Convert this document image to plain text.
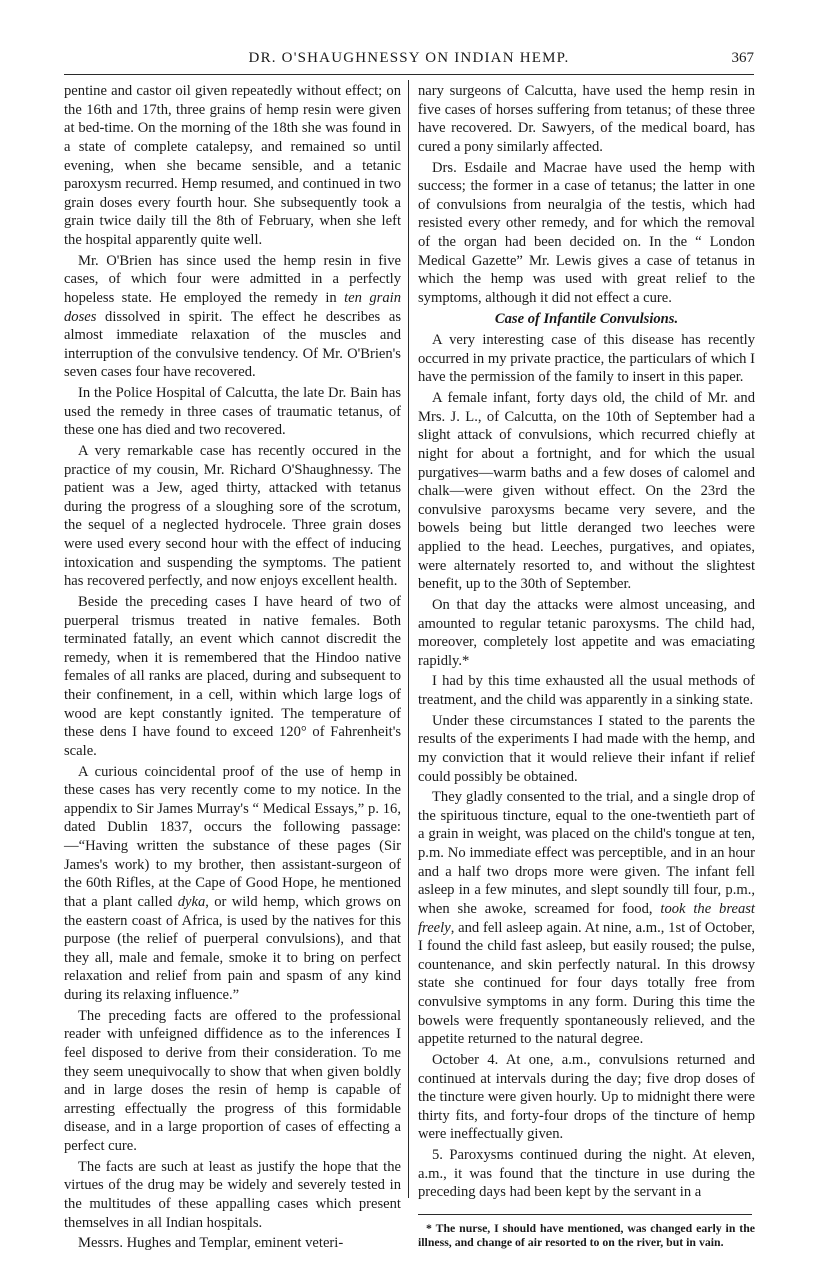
DR. O'SHAUGHNESSY ON INDIAN HEMP.	367

pentine and castor oil given repeatedly without effect; on the 16th and 17th, three grains of hemp resin were given at bed-time. On the morning of the 18th she was found in a state of complete catalepsy, and remained so until evening, when she became sensible, and a tetanic paroxysm recurred. Hemp resumed, and continued in two grain doses every fourth hour. She subsequently took a grain twice daily till the 8th of February, when she left the hospital apparently quite well.

Mr. O'Brien has since used the hemp resin in five cases, of which four were admitted in a perfectly hopeless state. He employed the remedy in ten grain doses dissolved in spirit. The effect he describes as almost immediate relaxation of the muscles and interruption of the convulsive tendency. Of Mr. O'Brien's seven cases four have recovered.

In the Police Hospital of Calcutta, the late Dr. Bain has used the remedy in three cases of traumatic tetanus, of these one has died and two recovered.

A very remarkable case has recently occured in the practice of my cousin, Mr. Richard O'Shaughnessy. The patient was a Jew, aged thirty, attacked with tetanus during the progress of a sloughing sore of the scrotum, the sequel of a neglected hydrocele. Three grain doses were used every second hour with the effect of inducing intoxication and suspending the symptoms. The patient has recovered perfectly, and now enjoys excellent health.

Beside the preceding cases I have heard of two of puerperal trismus treated in native females. Both terminated fatally, an event which cannot discredit the remedy, when it is remembered that the Hindoo native females of all ranks are placed, during and subsequent to their confinement, in a cell, within which large logs of wood are kept constantly ignited. The temperature of these dens I have found to exceed 120° of Fahrenheit's scale.

A curious coincidental proof of the use of hemp in these cases has very recently come to my notice. In the appendix to Sir James Murray's “ Medical Essays,” p. 16, dated Dublin 1837, occurs the following passage:—“Having written the substance of these pages (Sir James's work) to my brother, then assistant-surgeon of the 60th Rifles, at the Cape of Good Hope, he mentioned that a plant called dyka, or wild hemp, which grows on the eastern coast of Africa, is used by the natives for this purpose (the relief of puerperal convulsions), and that they all, male and female, smoke it to bring on perfect relaxation and relief from pain and spasm of any kind during its relaxing influence.”

The preceding facts are offered to the professional reader with unfeigned diffidence as to the inferences I feel disposed to derive from their consideration. To me they seem unequivocally to show that when given boldly and in large doses the resin of hemp is capable of arresting effectually the progress of this formidable disease, and in a large proportion of cases of effecting a perfect cure.

The facts are such at least as justify the hope that the virtues of the drug may be widely and severely tested in the multitudes of these appalling cases which present themselves in all Indian hospitals.

Messrs. Hughes and Templar, eminent veteri-

nary surgeons of Calcutta, have used the hemp resin in five cases of horses suffering from tetanus; of these three have recovered. Dr. Sawyers, of the medical board, has cured a pony similarly affected.

Drs. Esdaile and Macrae have used the hemp with success; the former in a case of tetanus; the latter in one of convulsions from neuralgia of the testis, which had resisted every other remedy, and for which the removal of the organ had been decided on. In the “ London Medical Gazette” Mr. Lewis gives a case of tetanus in which the hemp was used with great relief to the symptoms, although it did not effect a cure.

Case of Infantile Convulsions.

A very interesting case of this disease has recently occurred in my private practice, the particulars of which I have the permission of the family to insert in this paper.

A female infant, forty days old, the child of Mr. and Mrs. J. L., of Calcutta, on the 10th of September had a slight attack of convulsions, which recurred chiefly at night for about a fortnight, and for which the usual purgatives—warm baths and a few doses of calomel and chalk—were given without effect. On the 23rd the convulsive paroxysms became very severe, and the bowels being but little deranged two leeches were applied to the head. Leeches, purgatives, and opiates, were alternately resorted to, and without the slightest benefit, up to the 30th of September.

On that day the attacks were almost unceasing, and amounted to regular tetanic paroxysms. The child had, moreover, completely lost appetite and was emaciating rapidly.*

I had by this time exhausted all the usual methods of treatment, and the child was apparently in a sinking state.

Under these circumstances I stated to the parents the results of the experiments I had made with the hemp, and my conviction that it would relieve their infant if relief could possibly be obtained.

They gladly consented to the trial, and a single drop of the spirituous tincture, equal to the one-twentieth part of a grain in weight, was placed on the child's tongue at ten, p.m. No immediate effect was perceptible, and in an hour and a half two drops more were given. The infant fell asleep in a few minutes, and slept soundly till four, p.m., when she awoke, screamed for food, took the breast freely, and fell asleep again. At nine, a.m., 1st of October, I found the child fast asleep, but easily roused; the pulse, countenance, and skin perfectly natural. In this drowsy state she continued for four days totally free from convulsive symptoms in any form. During this time the bowels were frequently spontaneously relieved, and the appetite returned to the natural degree.

October 4. At one, a.m., convulsions returned and continued at intervals during the day; five drop doses of the tincture were given hourly. Up to midnight there were thirty fits, and forty-four drops of the tincture of hemp were ineffectually given.

5. Paroxysms continued during the night. At eleven, a.m., it was found that the tincture in use during the preceding days had been kept by the servant in a

* The nurse, I should have mentioned, was changed early in the illness, and change of air resorted to on the river, but in vain.
